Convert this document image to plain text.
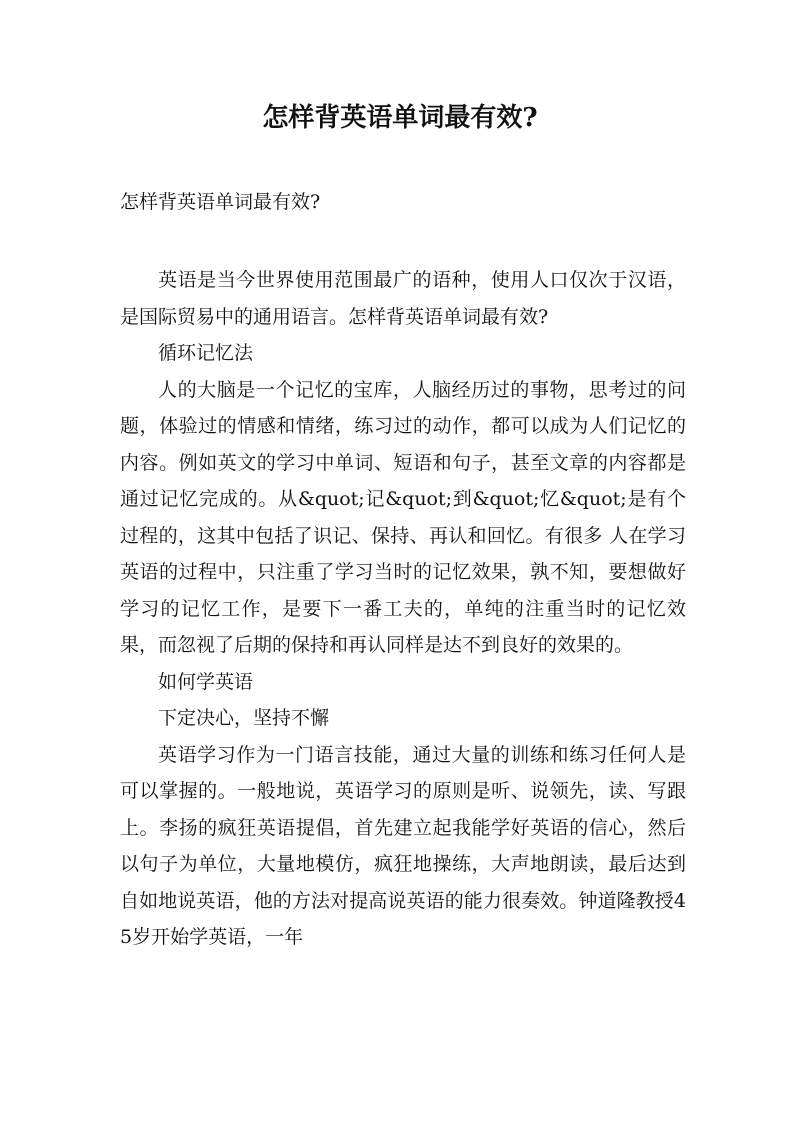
怎样背英语单词最有效?

怎样背英语单词最有效?

英语是当今世界使用范围最广的语种，使用人口仅次于汉语，是国际贸易中的通用语言。怎样背英语单词最有效?

循环记忆法

人的大脑是一个记忆的宝库，人脑经历过的事物，思考过的问题，体验过的情感和情绪，练习过的动作，都可以成为人们记忆的内容。例如英文的学习中单词、短语和句子，甚至文章的内容都是通过记忆完成的。从&quot;记&quot;到&quot;忆&quot;是有个过程的，这其中包括了识记、保持、再认和回忆。有很多 人在学习英语的过程中，只注重了学习当时的记忆效果，孰不知，要想做好学习的记忆工作，是要下一番工夫的，单纯的注重当时的记忆效果，而忽视了后期的保持和再认同样是达不到良好的效果的。

如何学英语

下定决心，坚持不懈

英语学习作为一门语言技能，通过大量的训练和练习任何人是可以掌握的。一般地说，英语学习的原则是听、说领先，读、写跟上。李扬的疯狂英语提倡，首先建立起我能学好英语的信心，然后以句子为单位，大量地模仿，疯狂地操练，大声地朗读，最后达到自如地说英语，他的方法对提高说英语的能力很奏效。钟道隆教授45岁开始学英语，一年
